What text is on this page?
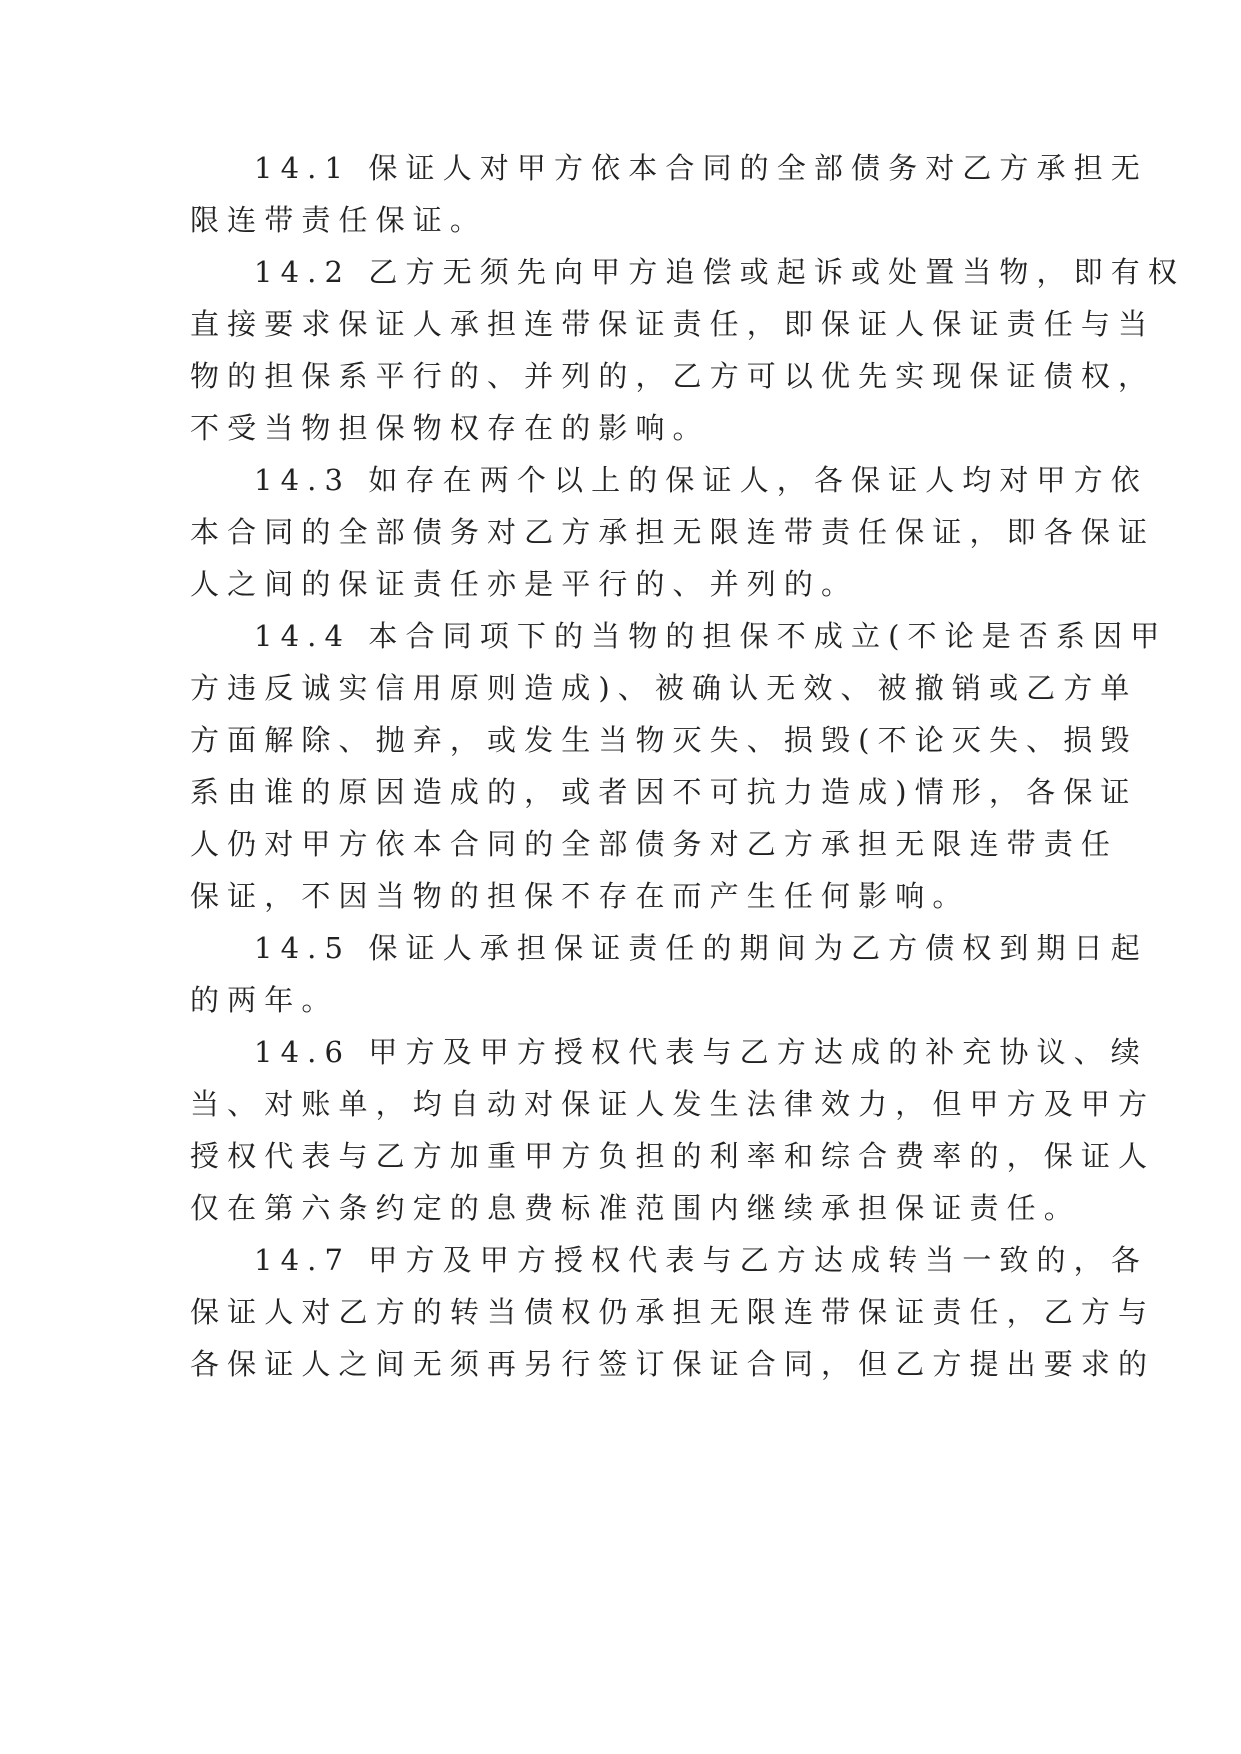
14.1 保证人对甲方依本合同的全部债务对乙方承担无
限连带责任保证。
14.2 乙方无须先向甲方追偿或起诉或处置当物，即有权
直接要求保证人承担连带保证责任，即保证人保证责任与当
物的担保系平行的、并列的，乙方可以优先实现保证债权，
不受当物担保物权存在的影响。
14.3 如存在两个以上的保证人，各保证人均对甲方依
本合同的全部债务对乙方承担无限连带责任保证，即各保证
人之间的保证责任亦是平行的、并列的。
14.4 本合同项下的当物的担保不成立(不论是否系因甲
方违反诚实信用原则造成)、被确认无效、被撤销或乙方单
方面解除、抛弃，或发生当物灭失、损毁(不论灭失、损毁
系由谁的原因造成的，或者因不可抗力造成)情形，各保证
人仍对甲方依本合同的全部债务对乙方承担无限连带责任
保证，不因当物的担保不存在而产生任何影响。
14.5 保证人承担保证责任的期间为乙方债权到期日起
的两年。
14.6 甲方及甲方授权代表与乙方达成的补充协议、续
当、对账单，均自动对保证人发生法律效力，但甲方及甲方
授权代表与乙方加重甲方负担的利率和综合费率的，保证人
仅在第六条约定的息费标准范围内继续承担保证责任。
14.7 甲方及甲方授权代表与乙方达成转当一致的，各
保证人对乙方的转当债权仍承担无限连带保证责任，乙方与
各保证人之间无须再另行签订保证合同，但乙方提出要求的
